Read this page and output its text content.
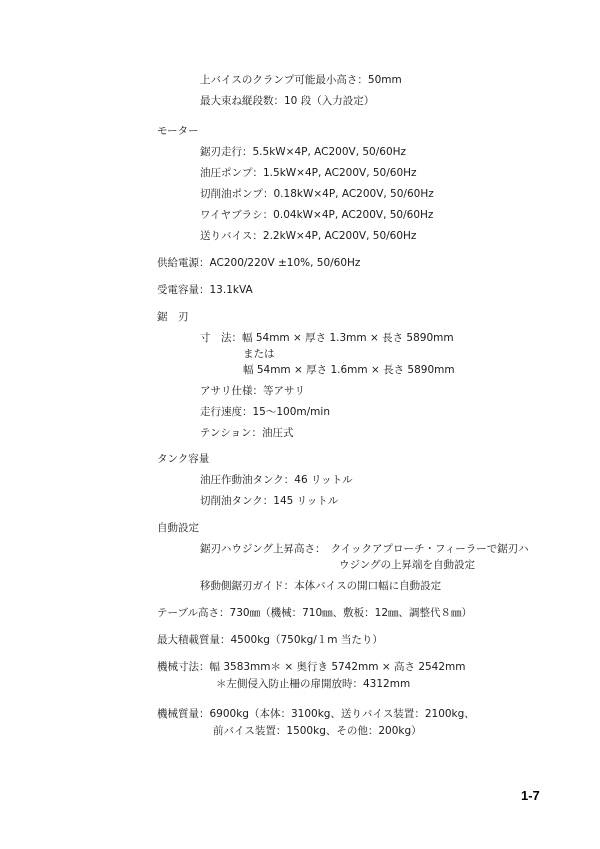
上バイスのクランプ可能最小高さ：50mm
最大束ね縦段数：10 段（入力設定）
モーター
鋸刃走行：5.5kW×4P, AC200V, 50/60Hz
油圧ポンプ：1.5kW×4P, AC200V, 50/60Hz
切削油ポンプ：0.18kW×4P, AC200V, 50/60Hz
ワイヤブラシ：0.04kW×4P, AC200V, 50/60Hz
送りバイス：2.2kW×4P, AC200V, 50/60Hz
供給電源：AC200/220V ±10%, 50/60Hz
受電容量：13.1kVA
鋸　刃
寸　法：幅 54mm × 厚さ 1.3mm × 長さ 5890mm
または
幅 54mm × 厚さ 1.6mm × 長さ 5890mm
アサリ仕様：等アサリ
走行速度：15～100m/min
テンション：油圧式
タンク容量
油圧作動油タンク：46 リットル
切削油タンク：145 リットル
自動設定
鋸刃ハウジング上昇高さ：　クイックアプローチ・フィーラーで鋸刃ハ
ウジングの上昇端を自動設定
移動側鋸刃ガイド：本体バイスの開口幅に自動設定
テーブル高さ：730㎜（機械：710㎜、敷板：12㎜、調整代８㎜）
最大積載質量：4500kg（750kg/１m 当たり）
機械寸法：幅 3583mm＊ × 奥行き 5742mm × 高さ 2542mm
＊左側侵入防止柵の扉開放時：4312mm
機械質量：6900kg（本体：3100kg、送りバイス装置：2100kg、
前バイス装置：1500kg、その他：200kg）
1-7
